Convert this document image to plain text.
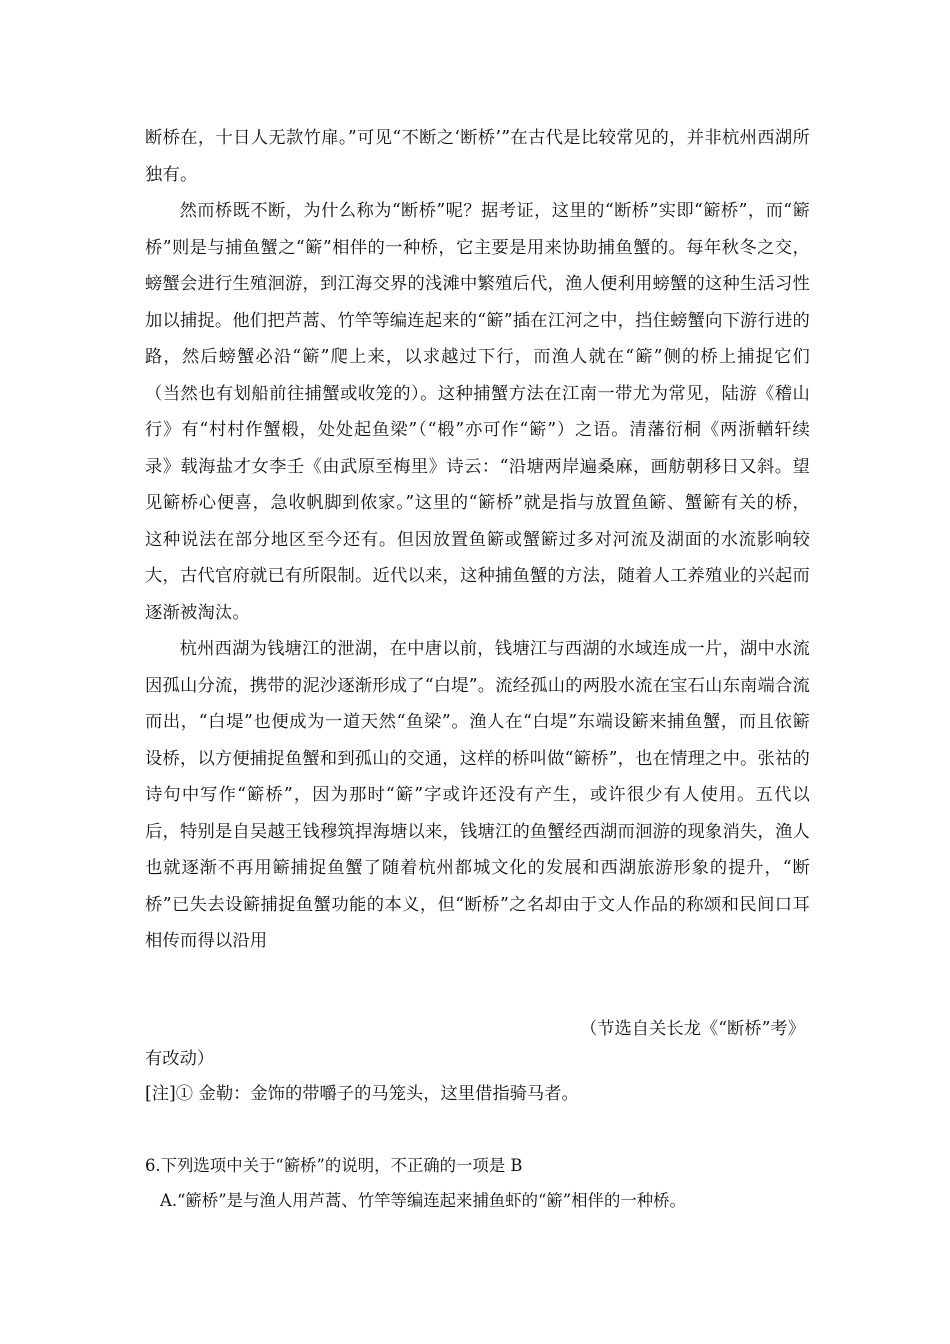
断桥在，十日人无款竹扉。”可见“不断之‘断桥’”在古代是比较常见的，并非杭州西湖所独有。

然而桥既不断，为什么称为“断桥”呢？据考证，这里的“断桥”实即“簖桥”，而“簖桥”则是与捕鱼蟹之“簖”相伴的一种桥，它主要是用来协助捕鱼蟹的。每年秋冬之交，螃蟹会进行生殖洄游，到江海交界的浅滩中繁殖后代，渔人便利用螃蟹的这种生活习性加以捕捉。他们把芦蒿、竹竿等编连起来的“簖”插在江河之中，挡住螃蟹向下游行进的路，然后螃蟹必沿“簖”爬上来，以求越过下行，而渔人就在“簖”侧的桥上捕捉它们（当然也有划船前往捕蟹或收笼的）。这种捕蟹方法在江南一带尤为常见，陆游《稽山行》有“村村作蟹椴，处处起鱼梁”（“椴”亦可作“簖”）之语。清藩衍桐《两浙輶轩续录》载海盐才女李壬《由武原至梅里》诗云：“沿塘两岸遍桑麻，画舫朝移日又斜。望见簖桥心便喜，急收帆脚到侬家。”这里的“簖桥”就是指与放置鱼簖、蟹簖有关的桥，这种说法在部分地区至今还有。但因放置鱼簖或蟹簖过多对河流及湖面的水流影响较大，古代官府就已有所限制。近代以来，这种捕鱼蟹的方法，随着人工养殖业的兴起而逐渐被淘汰。

杭州西湖为钱塘江的泄湖，在中唐以前，钱塘江与西湖的水域连成一片，湖中水流因孤山分流，携带的泥沙逐渐形成了“白堤”。流经孤山的两股水流在宝石山东南端合流而出，“白堤”也便成为一道天然“鱼梁”。渔人在“白堤”东端设簖来捕鱼蟹，而且依簖设桥，以方便捕捉鱼蟹和到孤山的交通，这样的桥叫做“簖桥”，也在情理之中。张祜的诗句中写作“簖桥”，因为那时“簖”字或许还没有产生，或许很少有人使用。五代以后，特别是自吴越王钱穆筑捍海塘以来，钱塘江的鱼蟹经西湖而洄游的现象消失，渔人也就逐渐不再用簖捕捉鱼蟹了随着杭州都城文化的发展和西湖旅游形象的提升，“断桥”已失去设簖捕捉鱼蟹功能的本义，但“断桥”之名却由于文人作品的称颂和民间口耳相传而得以沿用

（节选自关长龙《“断桥”考》
有改动）
[注]① 金勒：金饰的带嚼子的马笼头，这里借指骑马者。
6.下列选项中关于“簖桥”的说明，不正确的一项是 B
A.“簖桥”是与渔人用芦蒿、竹竿等编连起来捕鱼虾的“簖”相伴的一种桥。
